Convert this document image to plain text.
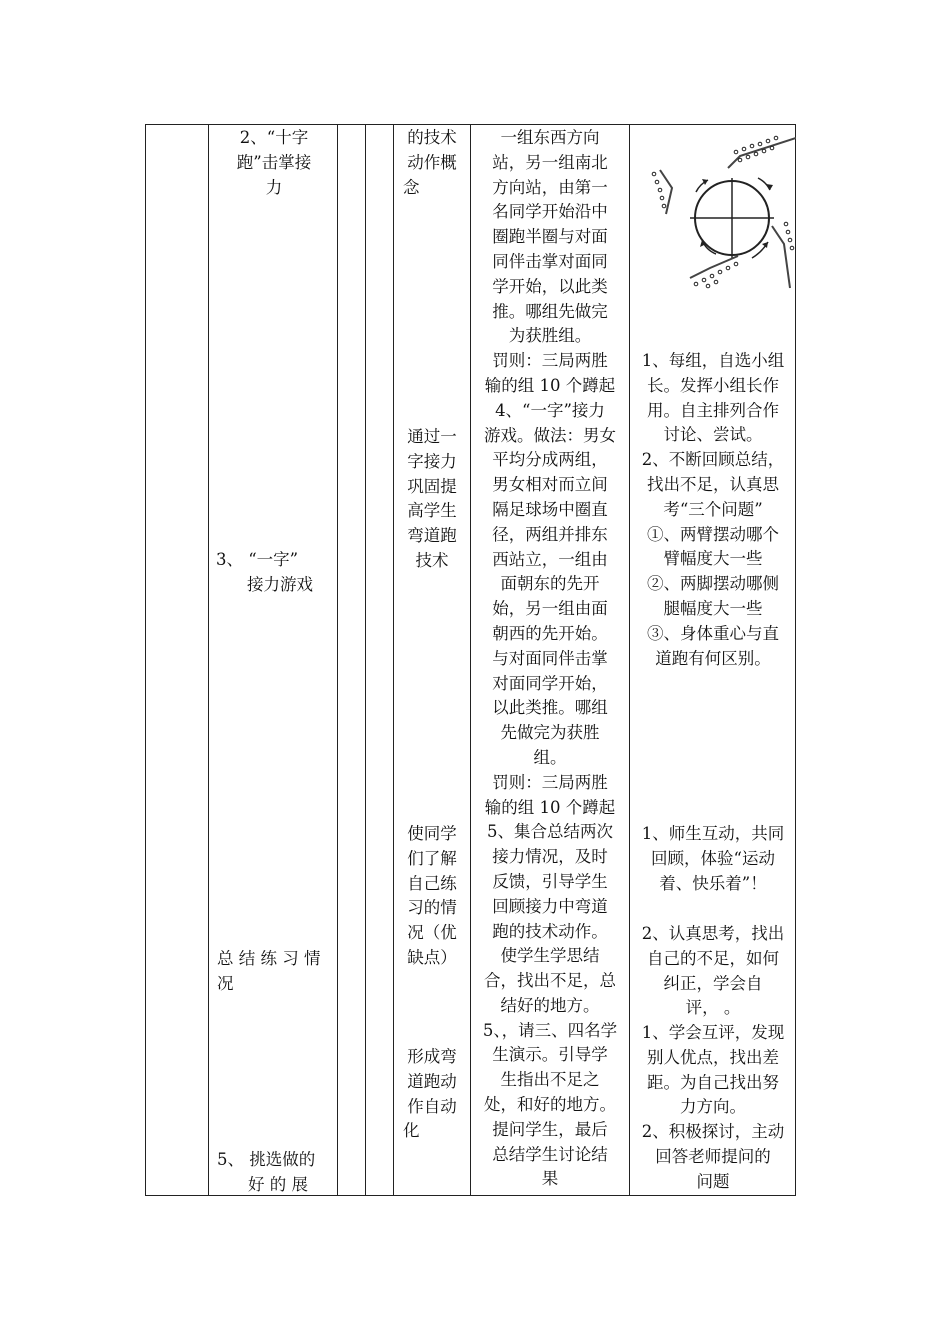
2、“十字

跑”击掌接

力

3、 “一字”

接力游戏

总 结 练 习 情

况

5、 挑选做的

好 的 展

的技术

动作概

念

通过一

字接力

巩固提

高学生

弯道跑

技术

使同学

们了解

自己练

习的情

况（优

缺点）

形成弯

道跑动

作自动

化

一组东西方向

站，另一组南北

方向站，由第一

名同学开始沿中

圈跑半圈与对面

同伴击掌对面同

学开始，以此类

推。哪组先做完

为获胜组。

罚则：三局两胜

输的组 10 个蹲起

4、“一字”接力

游戏。做法：男女

平均分成两组，

男女相对而立间

隔足球场中圈直

径，两组并排东

西站立，一组由

面朝东的先开

始，另一组由面

朝西的先开始。

与对面同伴击掌

对面同学开始，

以此类推。哪组

先做完为获胜

组。

罚则：三局两胜

输的组 10 个蹲起

5、集合总结两次

接力情况，及时

反馈，引导学生

回顾接力中弯道

跑的技术动作。

使学生学思结

合，找出不足，总

结好的地方。

5、，请三、四名学

生演示。引导学

生指出不足之

处，和好的地方。

提问学生，最后

总结学生讨论结

果

1、每组，自选小组

长。发挥小组长作

用。自主排列合作

讨论、尝试。

2、不断回顾总结，

找出不足，认真思

考“三个问题”

①、两臂摆动哪个

臂幅度大一些

②、两脚摆动哪侧

腿幅度大一些

③、身体重心与直

道跑有何区别。

1、师生互动，共同

回顾，体验“运动

着、快乐着”！

2、认真思考，找出

自己的不足，如何

纠正，学会自

评， 。

1、学会互评，发现

别人优点，找出差

距。为自己找出努

力方向。

2、积极探讨，主动

回答老师提问的

问题
